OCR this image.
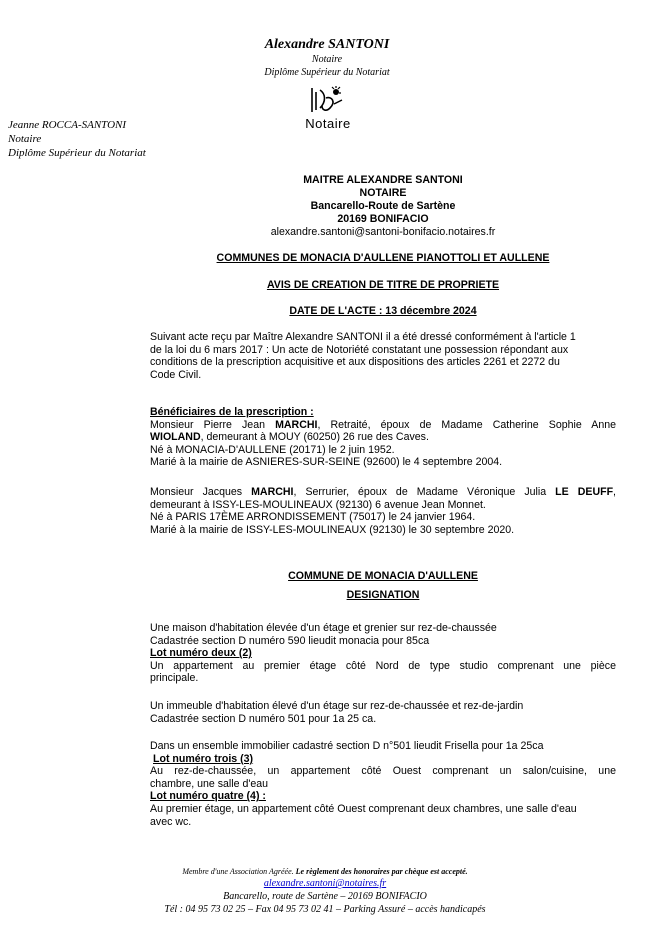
Alexandre SANTONI
Notaire
Diplôme Supérieur du Notariat
Notaire
Jeanne ROCCA-SANTONI
Notaire
Diplôme Supérieur du Notariat
MAITRE ALEXANDRE SANTONI
NOTAIRE
Bancarello-Route de Sartène
20169 BONIFACIO
alexandre.santoni@santoni-bonifacio.notaires.fr
COMMUNES DE MONACIA D'AULLENE PIANOTTOLI ET AULLENE
AVIS DE CREATION DE TITRE DE PROPRIETE
DATE DE L'ACTE : 13 décembre 2024

Suivant acte reçu par Maître Alexandre SANTONI il a été dressé conformément à l'article 1

de la loi du 6 mars 2017 : Un acte de Notoriété constatant une possession répondant aux

conditions de la prescription acquisitive et aux dispositions des articles 2261 et 2272 du

Code Civil.

Bénéficiaires de la prescription :

Monsieur Pierre Jean MARCHI, Retraité, époux de Madame Catherine Sophie Anne

WIOLAND, demeurant à MOUY (60250) 26 rue des Caves.

Né à MONACIA-D'AULLENE (20171) le 2 juin 1952.

Marié à la mairie de ASNIERES-SUR-SEINE (92600) le 4 septembre 2004.

Monsieur Jacques MARCHI, Serrurier, époux de Madame Véronique Julia LE DEUFF,

demeurant à ISSY-LES-MOULINEAUX (92130) 6 avenue Jean Monnet.

Né à PARIS 17ÈME ARRONDISSEMENT (75017) le 24 janvier 1964.

Marié à la mairie de ISSY-LES-MOULINEAUX (92130) le 30 septembre 2020.

COMMUNE DE MONACIA D'AULLENE
DESIGNATION

Une maison d'habitation élevée d'un étage et grenier sur rez-de-chaussée

Cadastrée section D numéro 590 lieudit monacia pour 85ca

Lot numéro deux (2)

Un appartement au premier étage côté Nord de type studio comprenant une pièce

principale.

Un immeuble d'habitation élevé d'un étage sur rez-de-chaussée et rez-de-jardin

Cadastrée section D numéro 501 pour 1a 25 ca.

Dans un ensemble immobilier cadastré section D n°501 lieudit Frisella pour 1a 25ca

Lot numéro trois (3)

Au rez-de-chaussée, un appartement côté Ouest comprenant un salon/cuisine, une

chambre, une salle d'eau

Lot numéro quatre (4) :

Au premier étage, un appartement côté Ouest comprenant deux chambres, une salle d'eau

avec wc.

Membre d'une Association Agréée. Le règlement des honoraires par chèque est accepté.
alexandre.santoni@notaires.fr
Bancarello, route de Sartène – 20169 BONIFACIO
Tél : 04 95 73 02 25 – Fax 04 95 73 02 41 – Parking Assuré – accès handicapés
